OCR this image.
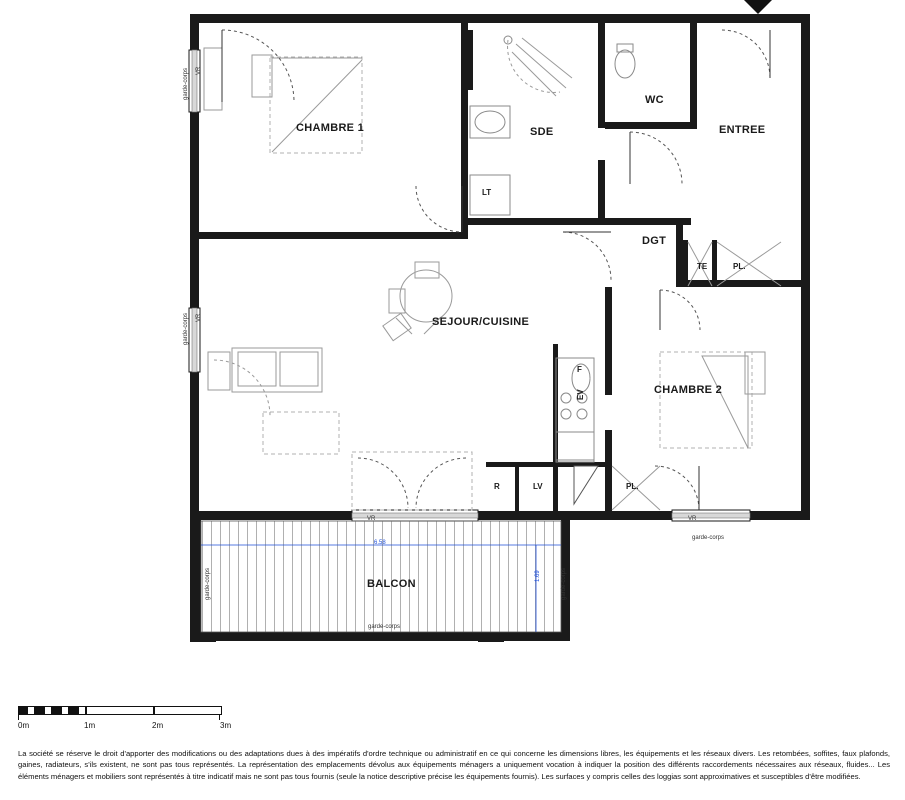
CHAMBRE 1	SDE
WC
ENTREE
DGT
SEJOUR/CUISINE
CHAMBRE 2
BALCON
LT
TE	PL.
F
EV
R	LV	PL.
garde-corps
garde-corps
VR	VR
garde-corps
garde-corps
garde-corps	garde-corps
VR
VR
6.58
1.69
0m	1m	2m	3m
La société se réserve le droit d'apporter des modifications ou des adaptations dues à des impératifs d'ordre technique ou administratif en ce qui concerne les dimensions libres, les équipements et les réseaux divers. Les retombées, soffites, faux plafonds, gaines, radiateurs, s'ils existent, ne sont pas tous représentés. La représentation des emplacements dévolus aux équipements ménagers a uniquement vocation à indiquer la position des différents raccordements nécessaires aux réseaux, fluides... Les éléments ménagers et mobiliers sont représentés à titre indicatif mais ne sont pas tous fournis (seule la notice descriptive précise les équipements fournis). Les surfaces y compris celles des loggias sont approximatives et susceptibles d'être modifiées.
